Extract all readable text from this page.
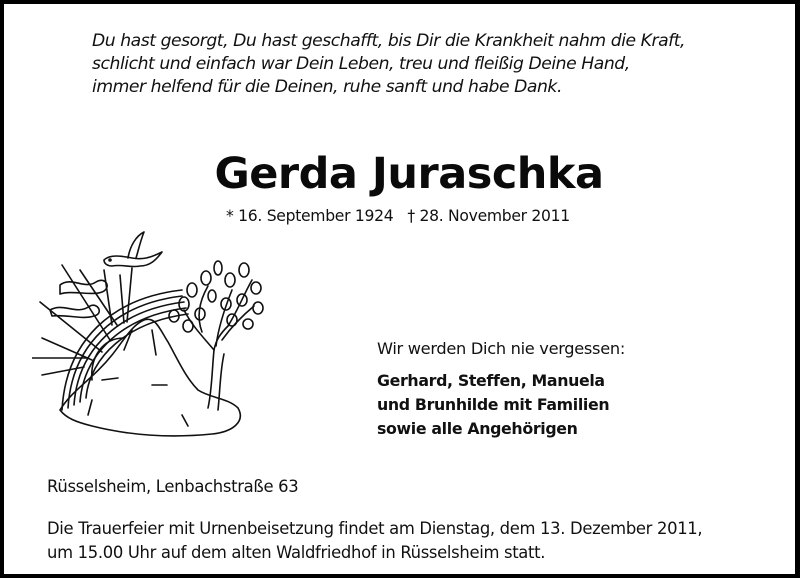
Du hast gesorgt, Du hast geschafft, bis Dir die Krankheit nahm die Kraft,
schlicht und einfach war Dein Leben, treu und fleißig Deine Hand,
immer helfend für die Deinen, ruhe sanft und habe Dank.
Gerda Juraschka
* 16. September 1924 † 28. November 2011
Wir werden Dich nie vergessen:
Gerhard, Steffen, Manuela
und Brunhilde mit Familien
sowie alle Angehörigen
Rüsselsheim, Lenbachstraße 63
Die Trauerfeier mit Urnenbeisetzung findet am Dienstag, dem 13. Dezember 2011,
um 15.00 Uhr auf dem alten Waldfriedhof in Rüsselsheim statt.
